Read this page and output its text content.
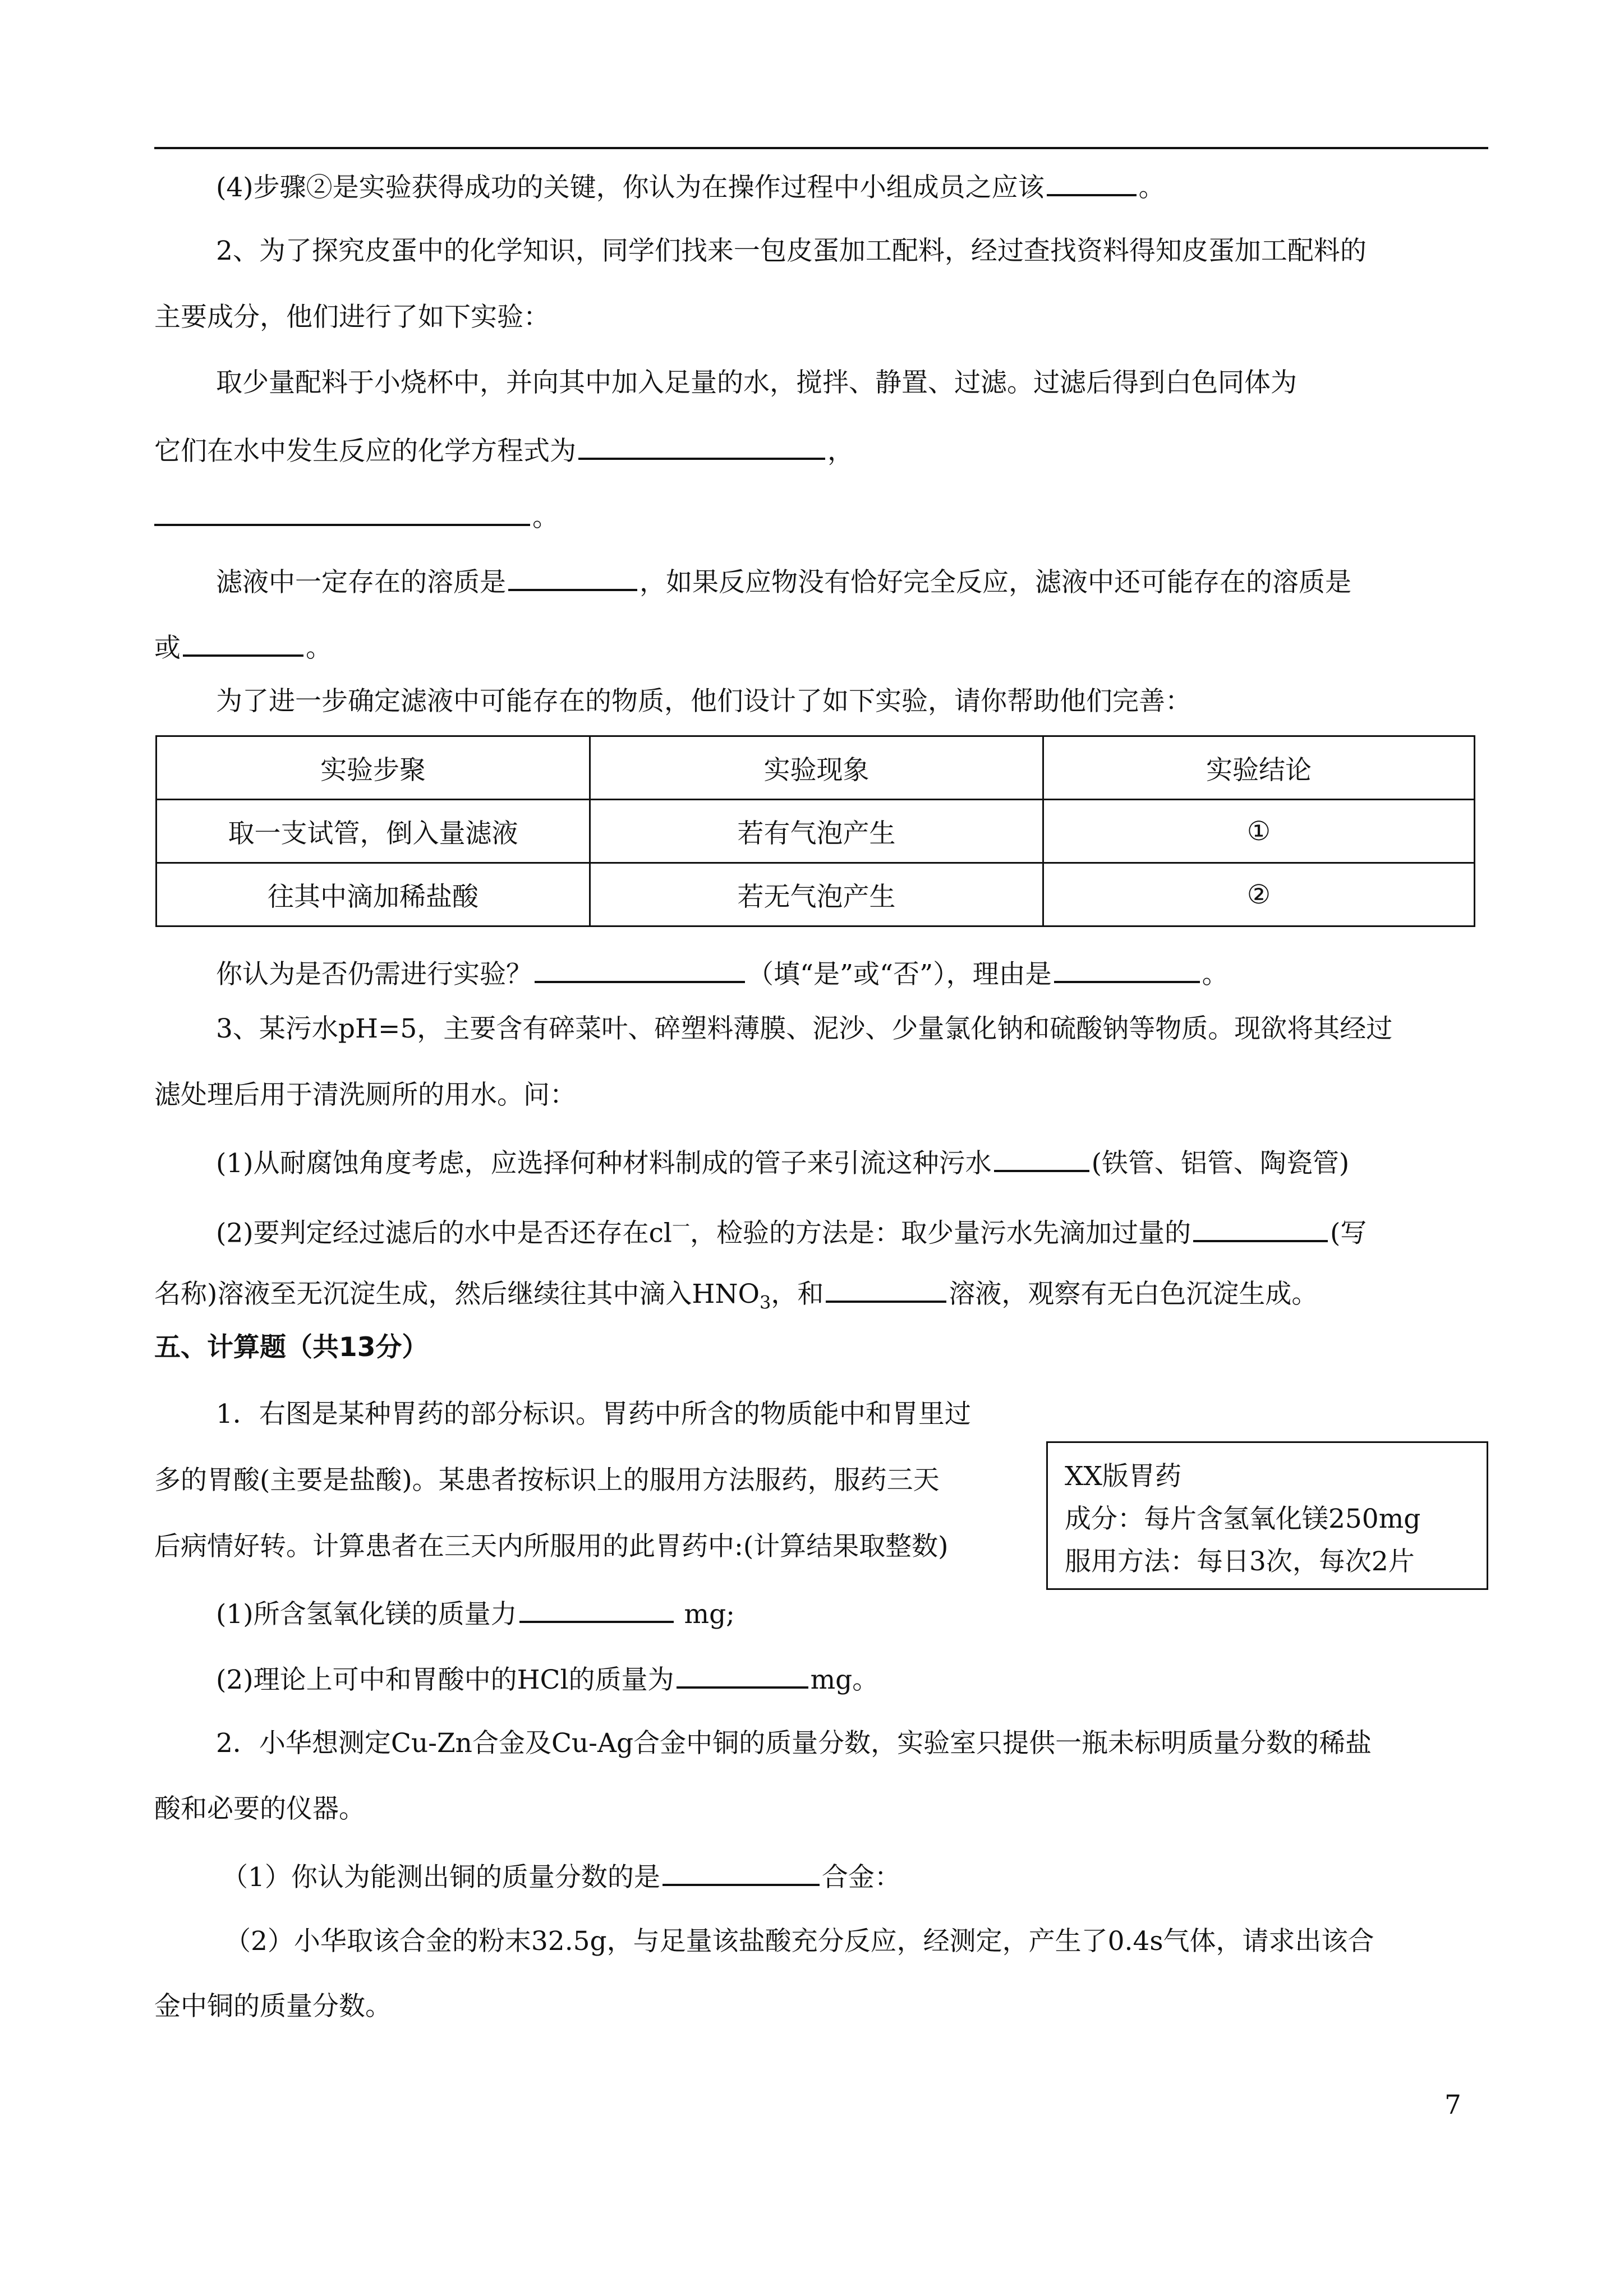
(4)步骤②是实验获得成功的关键，你认为在操作过程中小组成员之应该	。
2、为了探究皮蛋中的化学知识，同学们找来一包皮蛋加工配料，经过查找资料得知皮蛋加工配料的
主要成分，他们进行了如下实验：
取少量配料于小烧杯中，并向其中加入足量的水，搅拌、静置、过滤。过滤后得到白色同体为
它们在水中发生反应的化学方程式为	，
。
滤液中一定存在的溶质是	，如果反应物没有恰好完全反应，滤液中还可能存在的溶质是
或	。
为了进一步确定滤液中可能存在的物质，他们设计了如下实验，请你帮助他们完善：
实验步聚	实验现象	实验结论
取一支试管，倒入量滤液	若有气泡产生	①
往其中滴加稀盐酸	若无气泡产生	②
你认为是否仍需进行实验？	（填“是”或“否”），理由是	。
3、某污水pH=5，主要含有碎菜叶、碎塑料薄膜、泥沙、少量氯化钠和硫酸钠等物质。现欲将其经过
滤处理后用于清洗厕所的用水。问：
(1)从耐腐蚀角度考虑，应选择何种材料制成的管子来引流这种污水	(铁管、铝管、陶瓷管)
(2)要判定经过滤后的水中是否还存在$cl^一$，检验的方法是：取少量污水先滴加过量的	(写
名称)溶液至无沉淀生成，然后继续往其中滴入$HNO_3$，和	溶液，观察有无白色沉淀生成。
五、计算题（共13分）
1．右图是某种胃药的部分标识。胃药中所含的物质能中和胃里过
多的胃酸(主要是盐酸)。某患者按标识上的服用方法服药，服药三天
后病情好转。计算患者在三天内所服用的此胃药中:(计算结果取整数)
XX版胃药
成分：每片含氢氧化镁250mg
服用方法：每日3次，每次2片
(1)所含氢氧化镁的质量力	mg;
(2)理论上可中和胃酸中的HCl的质量为	mg。
2．小华想测定Cu-Zn合金及Cu-Ag合金中铜的质量分数，实验室只提供一瓶未标明质量分数的稀盐
酸和必要的仪器。
（1）你认为能测出铜的质量分数的是	合金：
（2）小华取该合金的粉末32.5g，与足量该盐酸充分反应，经测定，产生了0.4s气体，请求出该合
金中铜的质量分数。
7
